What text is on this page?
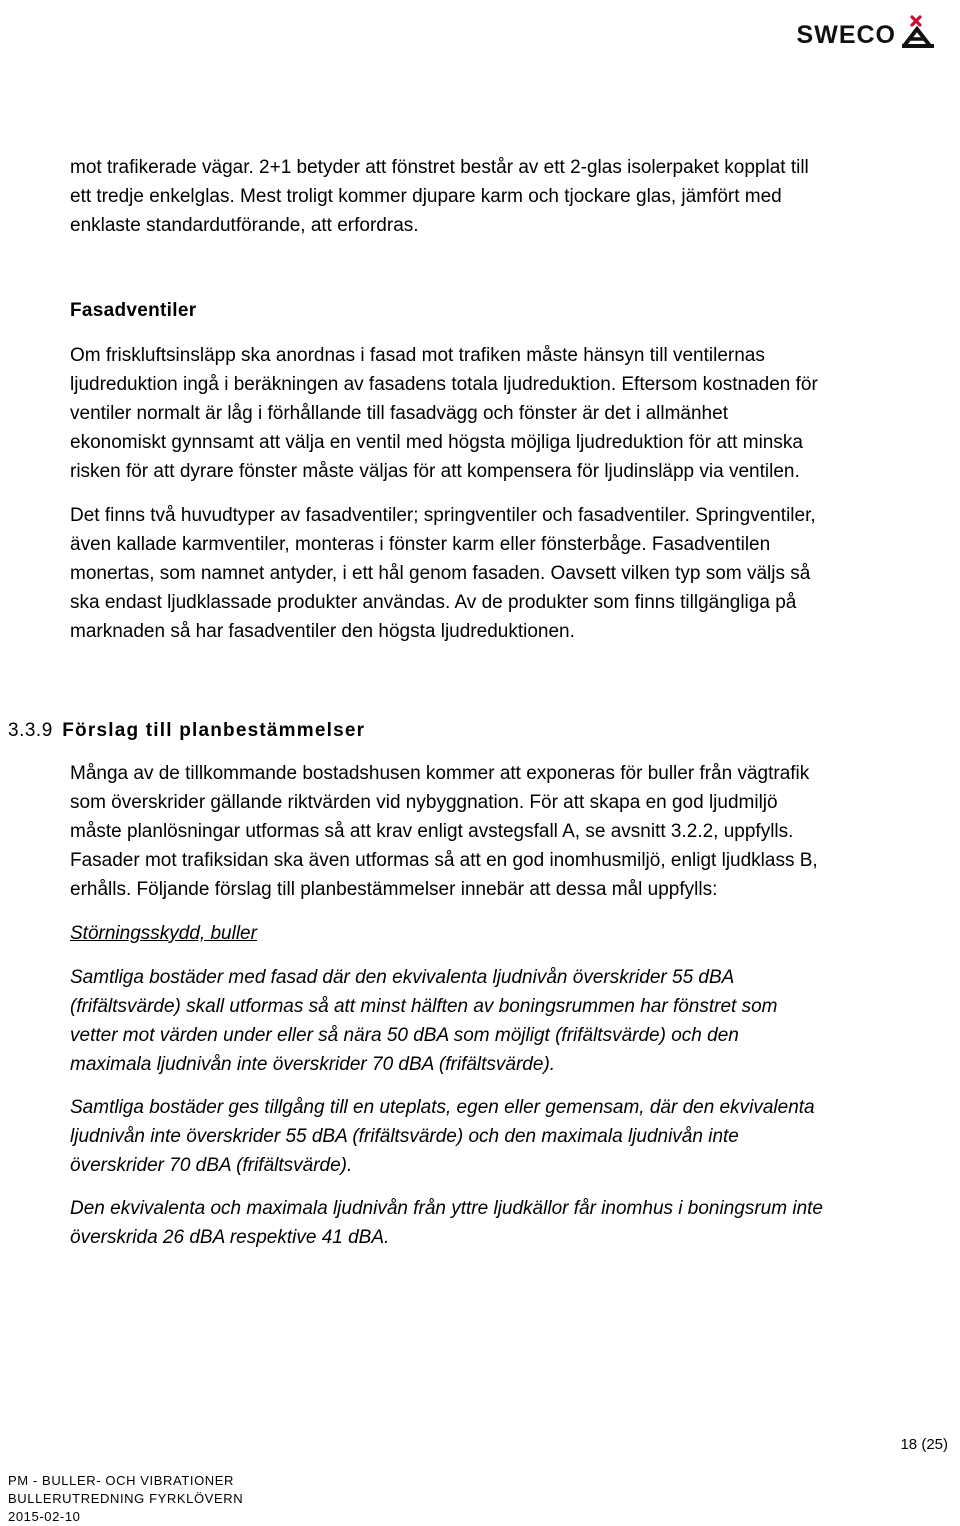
SWECO

mot trafikerade vägar. 2+1 betyder att fönstret består av ett 2-glas isolerpaket kopplat till
ett tredje enkelglas. Mest troligt kommer djupare karm och tjockare glas, jämfört med
enklaste standardutförande, att erfordras.

Fasadventiler

Om friskluftsinsläpp ska anordnas i fasad mot trafiken måste hänsyn till ventilernas
ljudreduktion ingå i beräkningen av fasadens totala ljudreduktion. Eftersom kostnaden för
ventiler normalt är låg i förhållande till fasadvägg och fönster är det i allmänhet
ekonomiskt gynnsamt att välja en ventil med högsta möjliga ljudreduktion för att minska
risken för att dyrare fönster måste väljas för att kompensera för ljudinsläpp via ventilen.

Det finns två huvudtyper av fasadventiler; springventiler och fasadventiler. Springventiler,
även kallade karmventiler, monteras i fönster karm eller fönsterbåge. Fasadventilen
monertas, som namnet antyder, i ett hål genom fasaden. Oavsett vilken typ som väljs så
ska endast ljudklassade produkter användas. Av de produkter som finns tillgängliga på
marknaden så har fasadventiler den högsta ljudreduktionen.

3.3.9 Förslag till planbestämmelser

Många av de tillkommande bostadshusen kommer att exponeras för buller från vägtrafik
som överskrider gällande riktvärden vid nybyggnation. För att skapa en god ljudmiljö
måste planlösningar utformas så att krav enligt avstegsfall A, se avsnitt 3.2.2, uppfylls.
Fasader mot trafiksidan ska även utformas så att en god inomhusmiljö, enligt ljudklass B,
erhålls. Följande förslag till planbestämmelser innebär att dessa mål uppfylls:

Störningsskydd, buller

Samtliga bostäder med fasad där den ekvivalenta ljudnivån överskrider 55 dBA
(frifältsvärde) skall utformas så att minst hälften av boningsrummen har fönstret som
vetter mot värden under eller så nära 50 dBA som möjligt (frifältsvärde) och den
maximala ljudnivån inte överskrider 70 dBA (frifältsvärde).

Samtliga bostäder ges tillgång till en uteplats, egen eller gemensam, där den ekvivalenta
ljudnivån inte överskrider 55 dBA (frifältsvärde) och den maximala ljudnivån inte
överskrider 70 dBA (frifältsvärde).

Den ekvivalenta och maximala ljudnivån från yttre ljudkällor får inomhus i boningsrum inte
överskrida 26 dBA respektive 41 dBA.

18 (25)
PM - BULLER- OCH VIBRATIONER
BULLERUTREDNING FYRKLÖVERN
2015-02-10
